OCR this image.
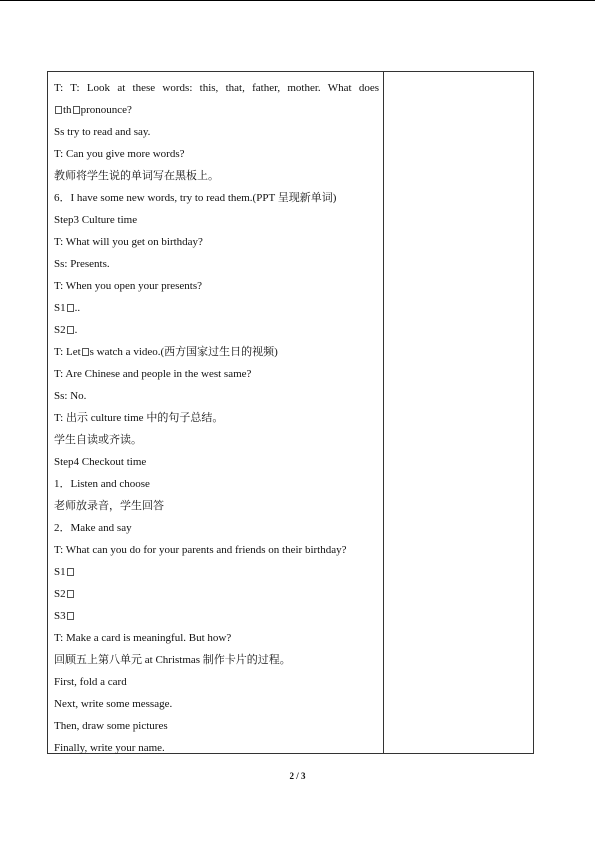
T: T: Look at these words: this, that, father, mother. What does
th pronounce?
Ss try to read and say.
T: Can you give more words?
教师将学生说的单词写在黑板上。
6．I have some new words, try to read them.(PPT 呈现新单词)
Step3 Culture time
T: What will you get on birthday?
Ss: Presents.
T: When you open your presents?
S1 ..
S2 .
T: Let s watch a video.(西方国家过生日的视频)
T: Are Chinese and people in the west same?
Ss: No.
T: 出示 culture time 中的句子总结。
学生自读或齐读。
Step4 Checkout time
1．Listen and choose
老师放录音，学生回答
2．Make and say
T: What can you do for your parents and friends on their birthday?
S1
S2
S3
T: Make a card is meaningful. But how?
回顾五上第八单元 at Christmas 制作卡片的过程。
First, fold a card
Next, write some message.
Then, draw some pictures
Finally, write your name.
2 / 3
